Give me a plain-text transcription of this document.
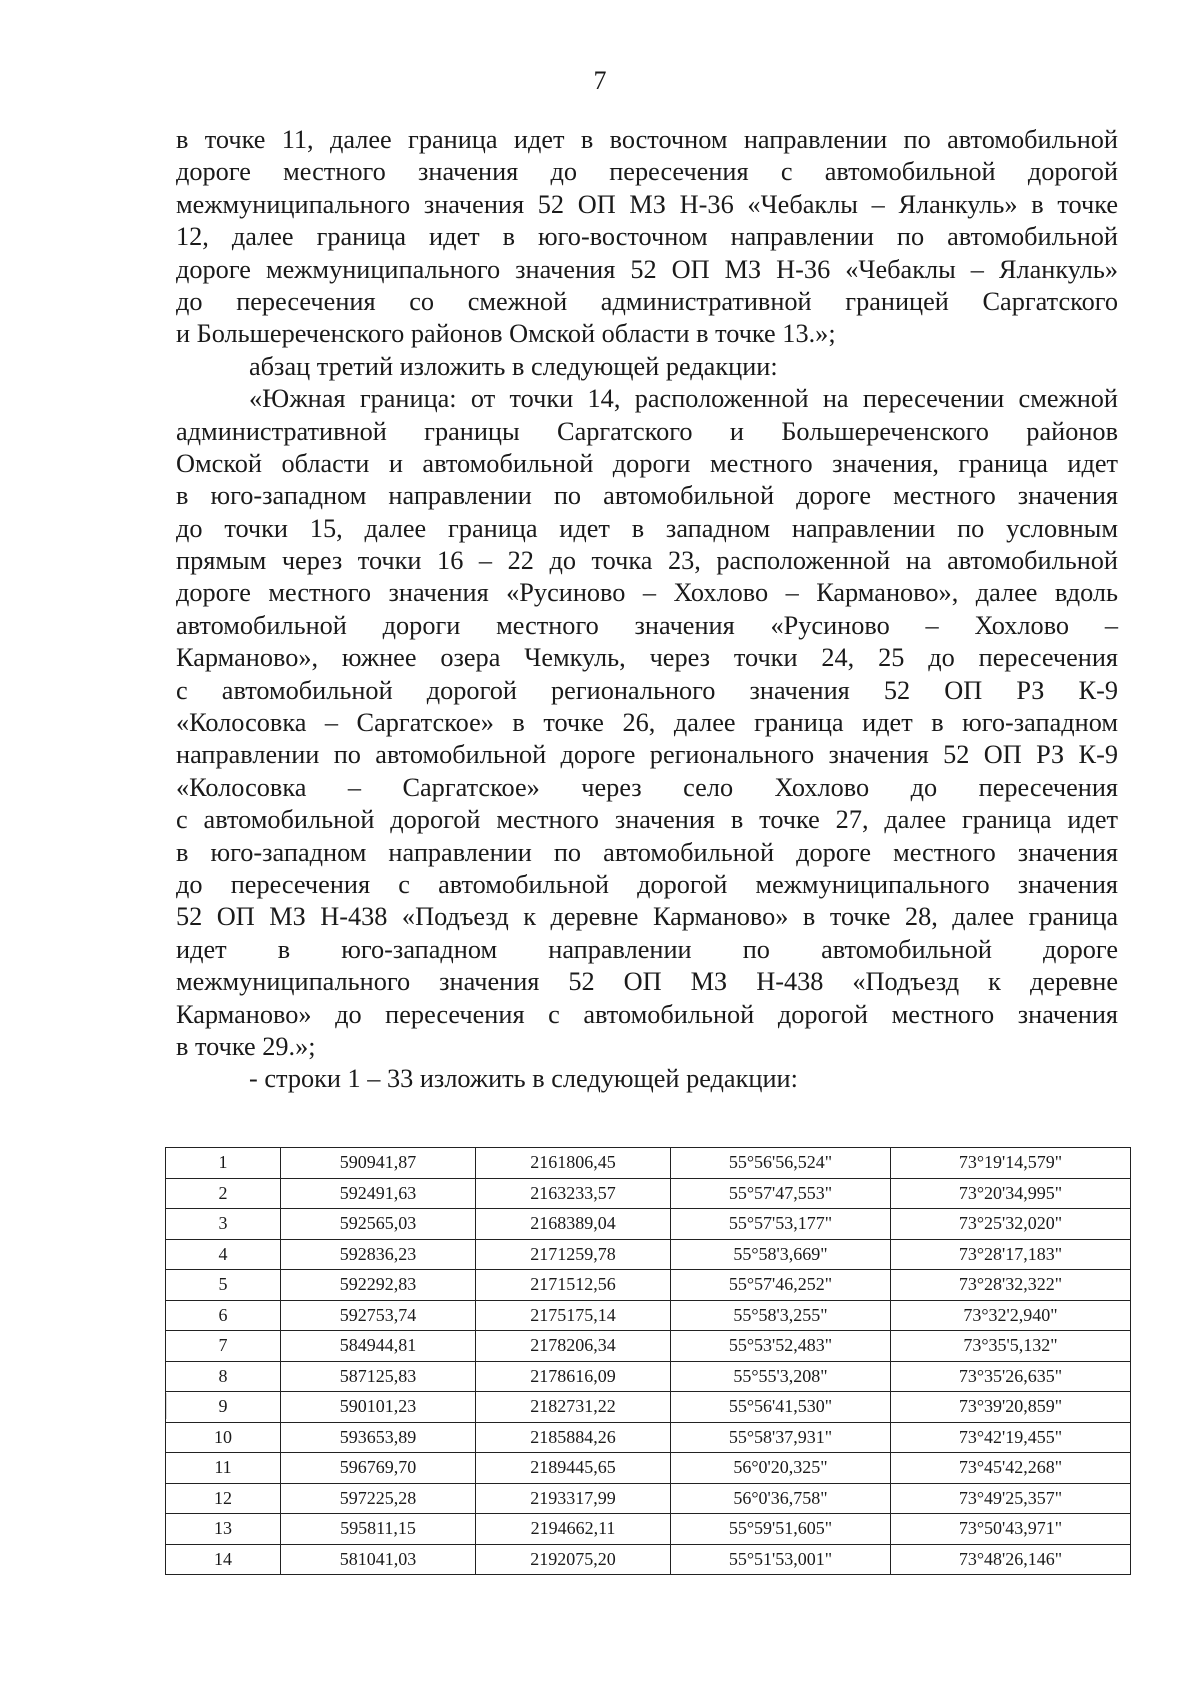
7
в точке 11, далее граница идет в восточном направлении по автомобильной
дороге местного значения до пересечения с автомобильной дорогой
межмуниципального значения 52 ОП МЗ Н-36 «Чебаклы – Яланкуль» в точке
12, далее граница идет в юго-восточном направлении по автомобильной
дороге межмуниципального значения 52 ОП МЗ Н-36 «Чебаклы – Яланкуль»
до пересечения со смежной административной границей Саргатского
и Большереченского районов Омской области в точке 13.»;
абзац третий изложить в следующей редакции:
«Южная граница: от точки 14, расположенной на пересечении смежной
административной границы Саргатского и Большереченского районов
Омской области и автомобильной дороги местного значения, граница идет
в юго-западном направлении по автомобильной дороге местного значения
до точки 15, далее граница идет в западном направлении по условным
прямым через точки 16 – 22 до точка 23, расположенной на автомобильной
дороге местного значения «Русиново – Хохлово – Карманово», далее вдоль
автомобильной дороги местного значения «Русиново – Хохлово –
Карманово», южнее озера Чемкуль, через точки 24, 25 до пересечения
с автомобильной дорогой регионального значения 52 ОП РЗ К-9
«Колосовка – Саргатское» в точке 26, далее граница идет в юго-западном
направлении по автомобильной дороге регионального значения 52 ОП РЗ К-9
«Колосовка – Саргатское» через село Хохлово до пересечения
с автомобильной дорогой местного значения в точке 27, далее граница идет
в юго-западном направлении по автомобильной дороге местного значения
до пересечения с автомобильной дорогой межмуниципального значения
52 ОП МЗ Н-438 «Подъезд к деревне Карманово» в точке 28, далее граница
идет в юго-западном направлении по автомобильной дороге
межмуниципального значения 52 ОП МЗ Н-438 «Подъезд к деревне
Карманово» до пересечения с автомобильной дорогой местного значения
в точке 29.»;
- строки 1 – 33 изложить в следующей редакции:
1	590941,87	2161806,45	55°56'56,524"	73°19'14,579"
2	592491,63	2163233,57	55°57'47,553"	73°20'34,995"
3	592565,03	2168389,04	55°57'53,177"	73°25'32,020"
4	592836,23	2171259,78	55°58'3,669"	73°28'17,183"
5	592292,83	2171512,56	55°57'46,252"	73°28'32,322"
6	592753,74	2175175,14	55°58'3,255"	73°32'2,940"
7	584944,81	2178206,34	55°53'52,483"	73°35'5,132"
8	587125,83	2178616,09	55°55'3,208"	73°35'26,635"
9	590101,23	2182731,22	55°56'41,530"	73°39'20,859"
10	593653,89	2185884,26	55°58'37,931"	73°42'19,455"
11	596769,70	2189445,65	56°0'20,325"	73°45'42,268"
12	597225,28	2193317,99	56°0'36,758"	73°49'25,357"
13	595811,15	2194662,11	55°59'51,605"	73°50'43,971"
14	581041,03	2192075,20	55°51'53,001"	73°48'26,146"
